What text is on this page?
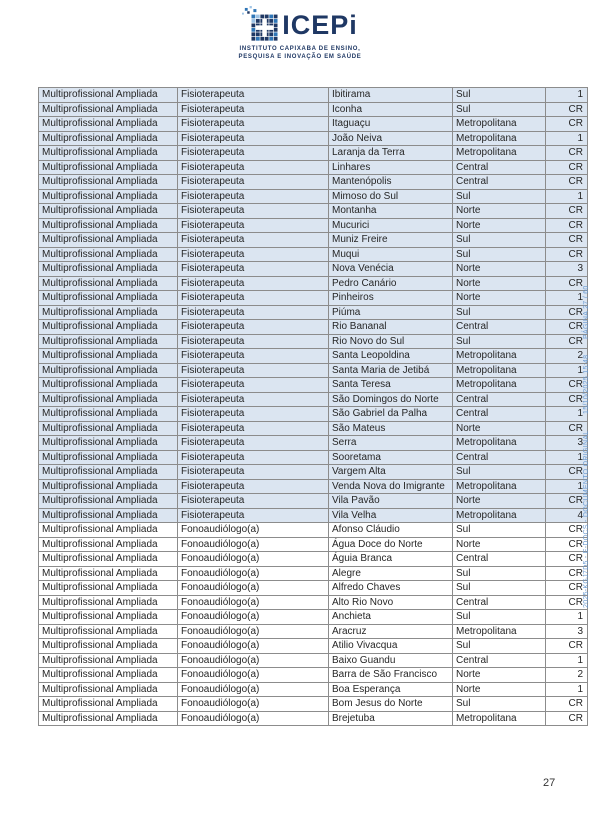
ICEPi
INSTITUTO CAPIXABA DE ENSINO,
PESQUISA E INOVAÇÃO EM SAÚDE
Multiprofissional Ampliada	Fisioterapeuta	Ibitirama	Sul	1
Multiprofissional Ampliada	Fisioterapeuta	Iconha	Sul	CR
Multiprofissional Ampliada	Fisioterapeuta	Itaguaçu	Metropolitana	CR
Multiprofissional Ampliada	Fisioterapeuta	João Neiva	Metropolitana	1
Multiprofissional Ampliada	Fisioterapeuta	Laranja da Terra	Metropolitana	CR
Multiprofissional Ampliada	Fisioterapeuta	Linhares	Central	CR
Multiprofissional Ampliada	Fisioterapeuta	Mantenópolis	Central	CR
Multiprofissional Ampliada	Fisioterapeuta	Mimoso do Sul	Sul	1
Multiprofissional Ampliada	Fisioterapeuta	Montanha	Norte	CR
Multiprofissional Ampliada	Fisioterapeuta	Mucurici	Norte	CR
Multiprofissional Ampliada	Fisioterapeuta	Muniz Freire	Sul	CR
Multiprofissional Ampliada	Fisioterapeuta	Muqui	Sul	CR
Multiprofissional Ampliada	Fisioterapeuta	Nova Venécia	Norte	3
Multiprofissional Ampliada	Fisioterapeuta	Pedro Canário	Norte	CR
Multiprofissional Ampliada	Fisioterapeuta	Pinheiros	Norte	1
Multiprofissional Ampliada	Fisioterapeuta	Piúma	Sul	CR
Multiprofissional Ampliada	Fisioterapeuta	Rio Bananal	Central	CR
Multiprofissional Ampliada	Fisioterapeuta	Rio Novo do Sul	Sul	CR
Multiprofissional Ampliada	Fisioterapeuta	Santa Leopoldina	Metropolitana	2
Multiprofissional Ampliada	Fisioterapeuta	Santa Maria de Jetibá	Metropolitana	1
Multiprofissional Ampliada	Fisioterapeuta	Santa Teresa	Metropolitana	CR
Multiprofissional Ampliada	Fisioterapeuta	São Domingos do Norte	Central	CR
Multiprofissional Ampliada	Fisioterapeuta	São Gabriel da Palha	Central	1
Multiprofissional Ampliada	Fisioterapeuta	São Mateus	Norte	CR
Multiprofissional Ampliada	Fisioterapeuta	Serra	Metropolitana	3
Multiprofissional Ampliada	Fisioterapeuta	Sooretama	Central	1
Multiprofissional Ampliada	Fisioterapeuta	Vargem Alta	Sul	CR
Multiprofissional Ampliada	Fisioterapeuta	Venda Nova do Imigrante	Metropolitana	1
Multiprofissional Ampliada	Fisioterapeuta	Vila Pavão	Norte	CR
Multiprofissional Ampliada	Fisioterapeuta	Vila Velha	Metropolitana	4
Multiprofissional Ampliada	Fonoaudiólogo(a)	Afonso Cláudio	Sul	CR
Multiprofissional Ampliada	Fonoaudiólogo(a)	Água Doce do Norte	Norte	CR
Multiprofissional Ampliada	Fonoaudiólogo(a)	Águia Branca	Central	CR
Multiprofissional Ampliada	Fonoaudiólogo(a)	Alegre	Sul	CR
Multiprofissional Ampliada	Fonoaudiólogo(a)	Alfredo Chaves	Sul	CR
Multiprofissional Ampliada	Fonoaudiólogo(a)	Alto Rio Novo	Central	CR
Multiprofissional Ampliada	Fonoaudiólogo(a)	Anchieta	Sul	1
Multiprofissional Ampliada	Fonoaudiólogo(a)	Aracruz	Metropolitana	3
Multiprofissional Ampliada	Fonoaudiólogo(a)	Atilio Vivacqua	Sul	CR
Multiprofissional Ampliada	Fonoaudiólogo(a)	Baixo Guandu	Central	1
Multiprofissional Ampliada	Fonoaudiólogo(a)	Barra de São Francisco	Norte	2
Multiprofissional Ampliada	Fonoaudiólogo(a)	Boa Esperança	Norte	1
Multiprofissional Ampliada	Fonoaudiólogo(a)	Bom Jesus do Norte	Sul	CR
Multiprofissional Ampliada	Fonoaudiólogo(a)	Brejetuba	Metropolitana	CR
2025-KGJ7D5 - E-DOCS - DOCUMENTO ORIGINAL 15/10/2025 15:48 PÁGINA 27 / 60
27
